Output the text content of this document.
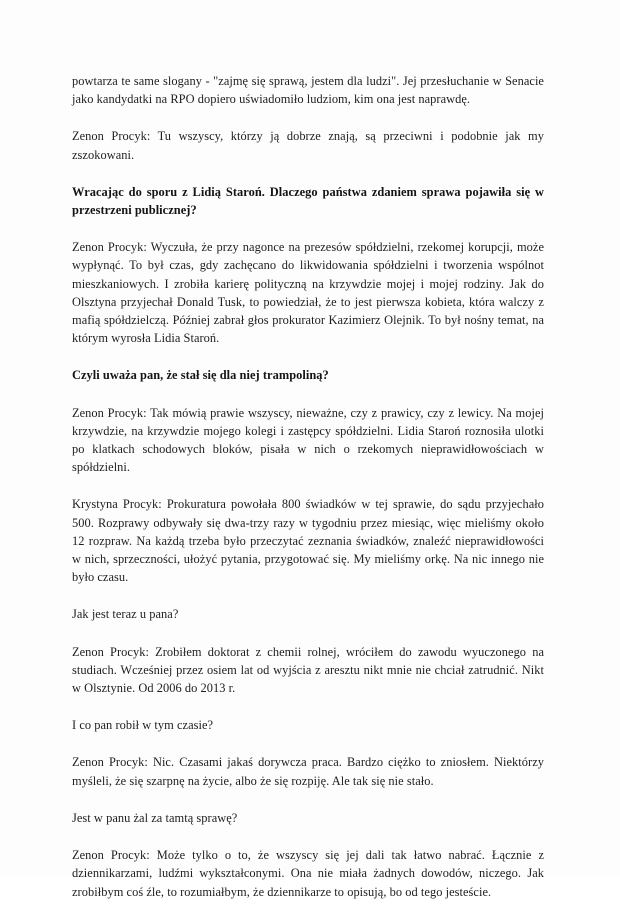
powtarza te same slogany - "zajmę się sprawą, jestem dla ludzi". Jej przesłuchanie w Senacie jako kandydatki na RPO dopiero uświadomiło ludziom, kim ona jest naprawdę.

Zenon Procyk: Tu wszyscy, którzy ją dobrze znają, są przeciwni i podobnie jak my zszokowani.

Wracając do sporu z Lidią Staroń. Dlaczego państwa zdaniem sprawa pojawiła się w przestrzeni publicznej?

Zenon Procyk: Wyczuła, że przy nagonce na prezesów spółdzielni, rzekomej korupcji, może wypłynąć. To był czas, gdy zachęcano do likwidowania spółdzielni i tworzenia wspólnot mieszkaniowych. I zrobiła karierę polityczną na krzywdzie mojej i mojej rodziny. Jak do Olsztyna przyjechał Donald Tusk, to powiedział, że to jest pierwsza kobieta, która walczy z mafią spółdzielczą. Później zabrał głos prokurator Kazimierz Olejnik. To był nośny temat, na którym wyrosła Lidia Staroń.

Czyli uważa pan, że stał się dla niej trampoliną?

Zenon Procyk: Tak mówią prawie wszyscy, nieważne, czy z prawicy, czy z lewicy. Na mojej krzywdzie, na krzywdzie mojego kolegi i zastępcy spółdzielni. Lidia Staroń roznosiła ulotki po klatkach schodowych bloków, pisała w nich o rzekomych nieprawidłowościach w spółdzielni.

Krystyna Procyk: Prokuratura powołała 800 świadków w tej sprawie, do sądu przyjechało 500. Rozprawy odbywały się dwa-trzy razy w tygodniu przez miesiąc, więc mieliśmy około 12 rozpraw. Na każdą trzeba było przeczytać zeznania świadków, znaleźć nieprawidłowości w nich, sprzeczności, ułożyć pytania, przygotować się. My mieliśmy orkę. Na nic innego nie było czasu.

Jak jest teraz u pana?

Zenon Procyk: Zrobiłem doktorat z chemii rolnej, wróciłem do zawodu wyuczonego na studiach. Wcześniej przez osiem lat od wyjścia z aresztu nikt mnie nie chciał zatrudnić. Nikt w Olsztynie. Od 2006 do 2013 r.

I co pan robił w tym czasie?

Zenon Procyk: Nic. Czasami jakaś dorywcza praca. Bardzo ciężko to zniosłem. Niektórzy myśleli, że się szarpnę na życie, albo że się rozpiję. Ale tak się nie stało.

Jest w panu żal za tamtą sprawę?

Zenon Procyk: Może tylko o to, że wszyscy się jej dali tak łatwo nabrać. Łącznie z dziennikarzami, ludźmi wykształconymi. Ona nie miała żadnych dowodów, niczego. Jak zrobiłbym coś źle, to rozumiałbym, że dziennikarze to opisują, bo od tego jesteście.
